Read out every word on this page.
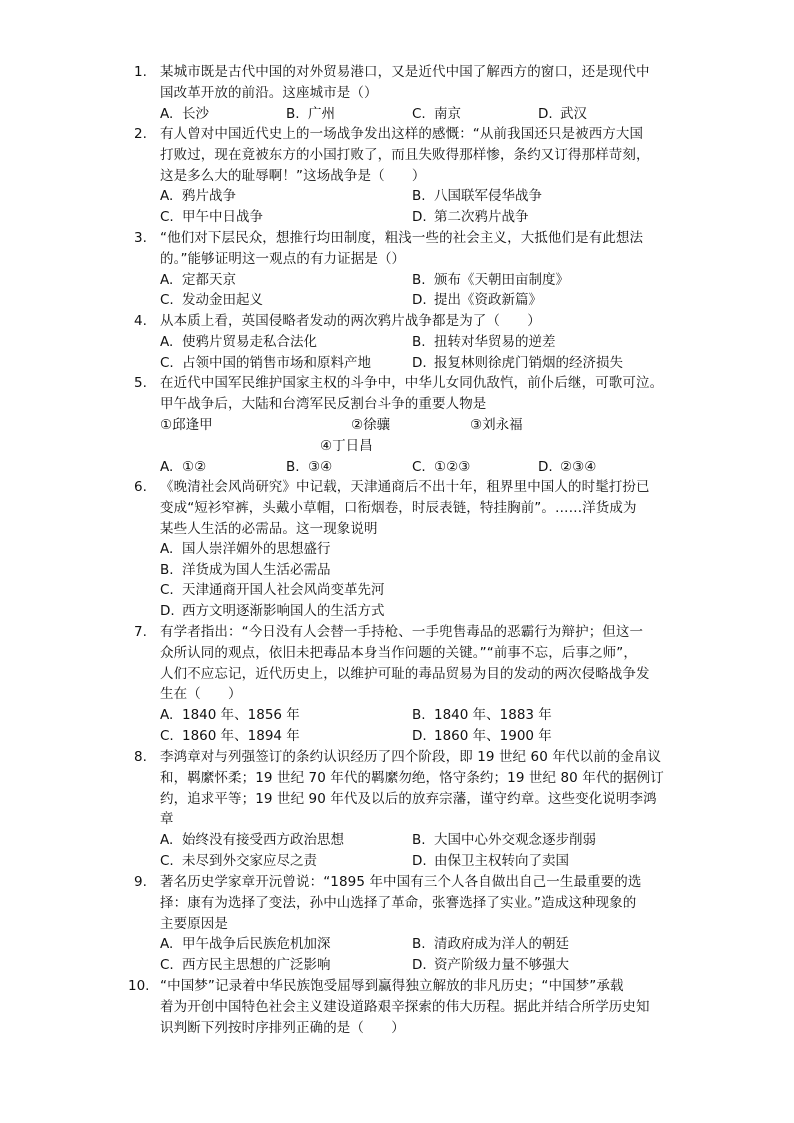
1. 某城市既是古代中国的对外贸易港口，又是近代中国了解西方的窗口，还是现代中
国改革开放的前沿。这座城市是（）
A. 长沙	B. 广州	C. 南京	D. 武汉
2. 有人曾对中国近代史上的一场战争发出这样的感慨：“从前我国还只是被西方大国
打败过，现在竟被东方的小国打败了，而且失败得那样惨，条约又订得那样苛刻，
这是多么大的耻辱啊！”这场战争是（　　）
A. 鸦片战争	B. 八国联军侵华战争
C. 甲午中日战争	D. 第二次鸦片战争
3. “他们对下层民众，想推行均田制度，粗浅一些的社会主义，大抵他们是有此想法
的。”能够证明这一观点的有力证据是（）
A. 定都天京	B. 颁布《天朝田亩制度》
C. 发动金田起义	D. 提出《资政新篇》
4. 从本质上看，英国侵略者发动的两次鸦片战争都是为了（　　）
A. 使鸦片贸易走私合法化	B. 扭转对华贸易的逆差
C. 占领中国的销售市场和原料产地	D. 报复林则徐虎门销烟的经济损失
5. 在近代中国军民维护国家主权的斗争中，中华儿女同仇敌忾，前仆后继，可歌可泣。
甲午战争后，大陆和台湾军民反割台斗争的重要人物是
①邱逢甲	②徐骧	③刘永福
④丁日昌
A. ①②	B. ③④	C. ①②③	D. ②③④
6. 《晚清社会风尚研究》中记载，天津通商后不出十年，租界里中国人的时髦打扮已
变成“短衫窄裤，头戴小草帽，口衔烟卷，时辰表链，特挂胸前”。……洋货成为
某些人生活的必需品。这一现象说明
A. 国人崇洋媚外的思想盛行
B. 洋货成为国人生活必需品
C. 天津通商开国人社会风尚变革先河
D. 西方文明逐渐影响国人的生活方式
7. 有学者指出：“今日没有人会替一手持枪、一手兜售毒品的恶霸行为辩护；但这一
众所认同的观点，依旧未把毒品本身当作问题的关键。”“前事不忘，后事之师”，
人们不应忘记，近代历史上，以维护可耻的毒品贸易为目的发动的两次侵略战争发
生在（　　）
A. 1840 年、1856 年	B. 1840 年、1883 年
C. 1860 年、1894 年	D. 1860 年、1900 年
8. 李鸿章对与列强签订的条约认识经历了四个阶段，即 19 世纪 60 年代以前的金帛议
和，羁縻怀柔；19 世纪 70 年代的羁縻勿绝，恪守条约；19 世纪 80 年代的据例订
约，追求平等；19 世纪 90 年代及以后的放弃宗藩，谨守约章。这些变化说明李鸿
章
A. 始终没有接受西方政治思想	B. 大国中心外交观念逐步削弱
C. 未尽到外交家应尽之责	D. 由保卫主权转向了卖国
9. 著名历史学家章开沅曾说：“1895 年中国有三个人各自做出自己一生最重要的选
择：康有为选择了变法，孙中山选择了革命，张謇选择了实业。”造成这种现象的
主要原因是
A. 甲午战争后民族危机加深	B. 清政府成为洋人的朝廷
C. 西方民主思想的广泛影响	D. 资产阶级力量不够强大
10. “中国梦”记录着中华民族饱受屈辱到赢得独立解放的非凡历史；“中国梦”承载
着为开创中国特色社会主义建设道路艰辛探索的伟大历程。据此并结合所学历史知
识判断下列按时序排列正确的是（　　）
